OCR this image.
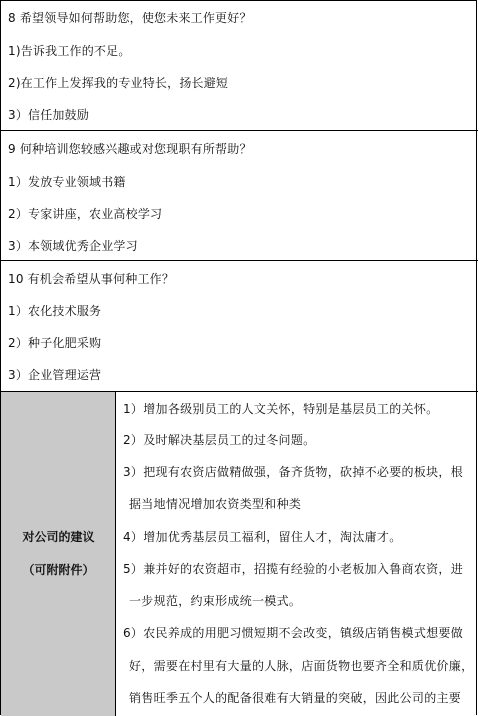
8 希望领导如何帮助您，使您未来工作更好？
1)告诉我工作的不足。
2)在工作上发挥我的专业特长，扬长避短
3）信任加鼓励
9 何种培训您较感兴趣或对您现职有所帮助？
1）发放专业领域书籍
2）专家讲座，农业高校学习
3）本领域优秀企业学习
10 有机会希望从事何种工作？
1）农化技术服务
2）种子化肥采购
3）企业管理运营
对公司的建议
（可附附件）
1）增加各级别员工的人文关怀，特别是基层员工的关怀。
2）及时解决基层员工的过冬问题。
3）把现有农资店做精做强，备齐货物，砍掉不必要的板块，根
据当地情况增加农资类型和种类
4）增加优秀基层员工福利，留住人才，淘汰庸才。
5）兼并好的农资超市，招揽有经验的小老板加入鲁商农资，进
一步规范，约束形成统一模式。
6）农民养成的用肥习惯短期不会改变，镇级店销售模式想要做
好，需要在村里有大量的人脉，店面货物也要齐全和质优价廉，
销售旺季五个人的配备很难有大销量的突破，因此公司的主要
